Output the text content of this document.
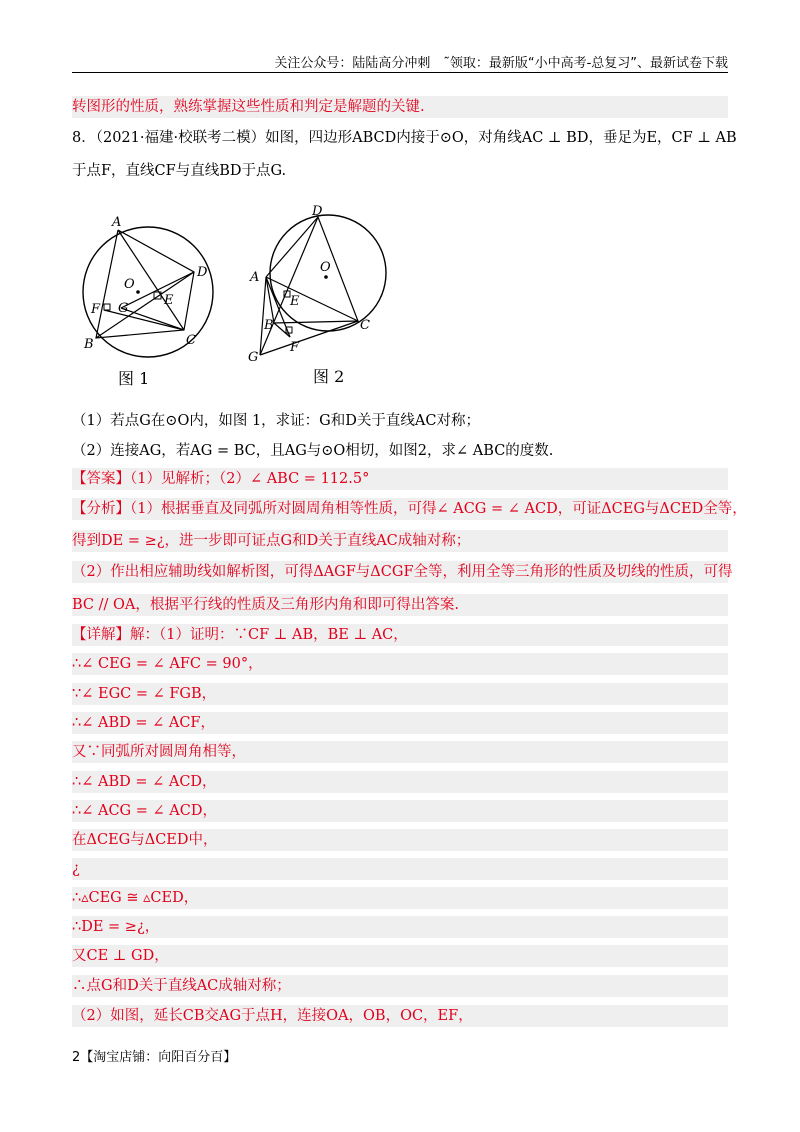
关注公众号：陆陆高分冲刺　˜领取：最新版“小中高考-总复习”、最新试卷下载
转图形的性质，熟练掌握这些性质和判定是解题的关键.
8．（2021·福建·校联考二模）如图，四边形ABCD内接于⊙O，对角线AC ⊥ BD，垂足为E，CF ⊥ AB
于点F，直线CF与直线BD于点G.
A
D
C
B
F G
E
O
图 1
D
A
C
B
G
F
E
O
图 2
（1）若点G在⊙O内，如图 1，求证：G和D关于直线AC对称；
（2）连接AG，若AG = BC，且AG与⊙O相切，如图2，求∠ ABC的度数.
【答案】（1）见解析；（2）∠ ABC = 112.5°
【分析】（1）根据垂直及同弧所对圆周角相等性质，可得∠ ACG = ∠ ACD，可证ΔCEG与ΔCED全等，
得到DE = ≥¿，进一步即可证点G和D关于直线AC成轴对称；
（2）作出相应辅助线如解析图，可得ΔAGF与ΔCGF全等，利用全等三角形的性质及切线的性质，可得
BC // OA，根据平行线的性质及三角形内角和即可得出答案.
【详解】解：（1）证明：∵CF ⊥ AB，BE ⊥ AC，
∴∠ CEG = ∠ AFC = 90°，
∵∠ EGC = ∠ FGB，
∴∠ ABD = ∠ ACF，
又∵同弧所对圆周角相等，
∴∠ ABD = ∠ ACD，
∴∠ ACG = ∠ ACD，
在ΔCEG与ΔCED中，
¿
∴▵CEG ≅ ▵CED，
∴DE = ≥¿，
又CE ⊥ GD，
∴点G和D关于直线AC成轴对称；
（2）如图，延长CB交AG于点H，连接OA，OB，OC，EF，
2【淘宝店铺：向阳百分百】
